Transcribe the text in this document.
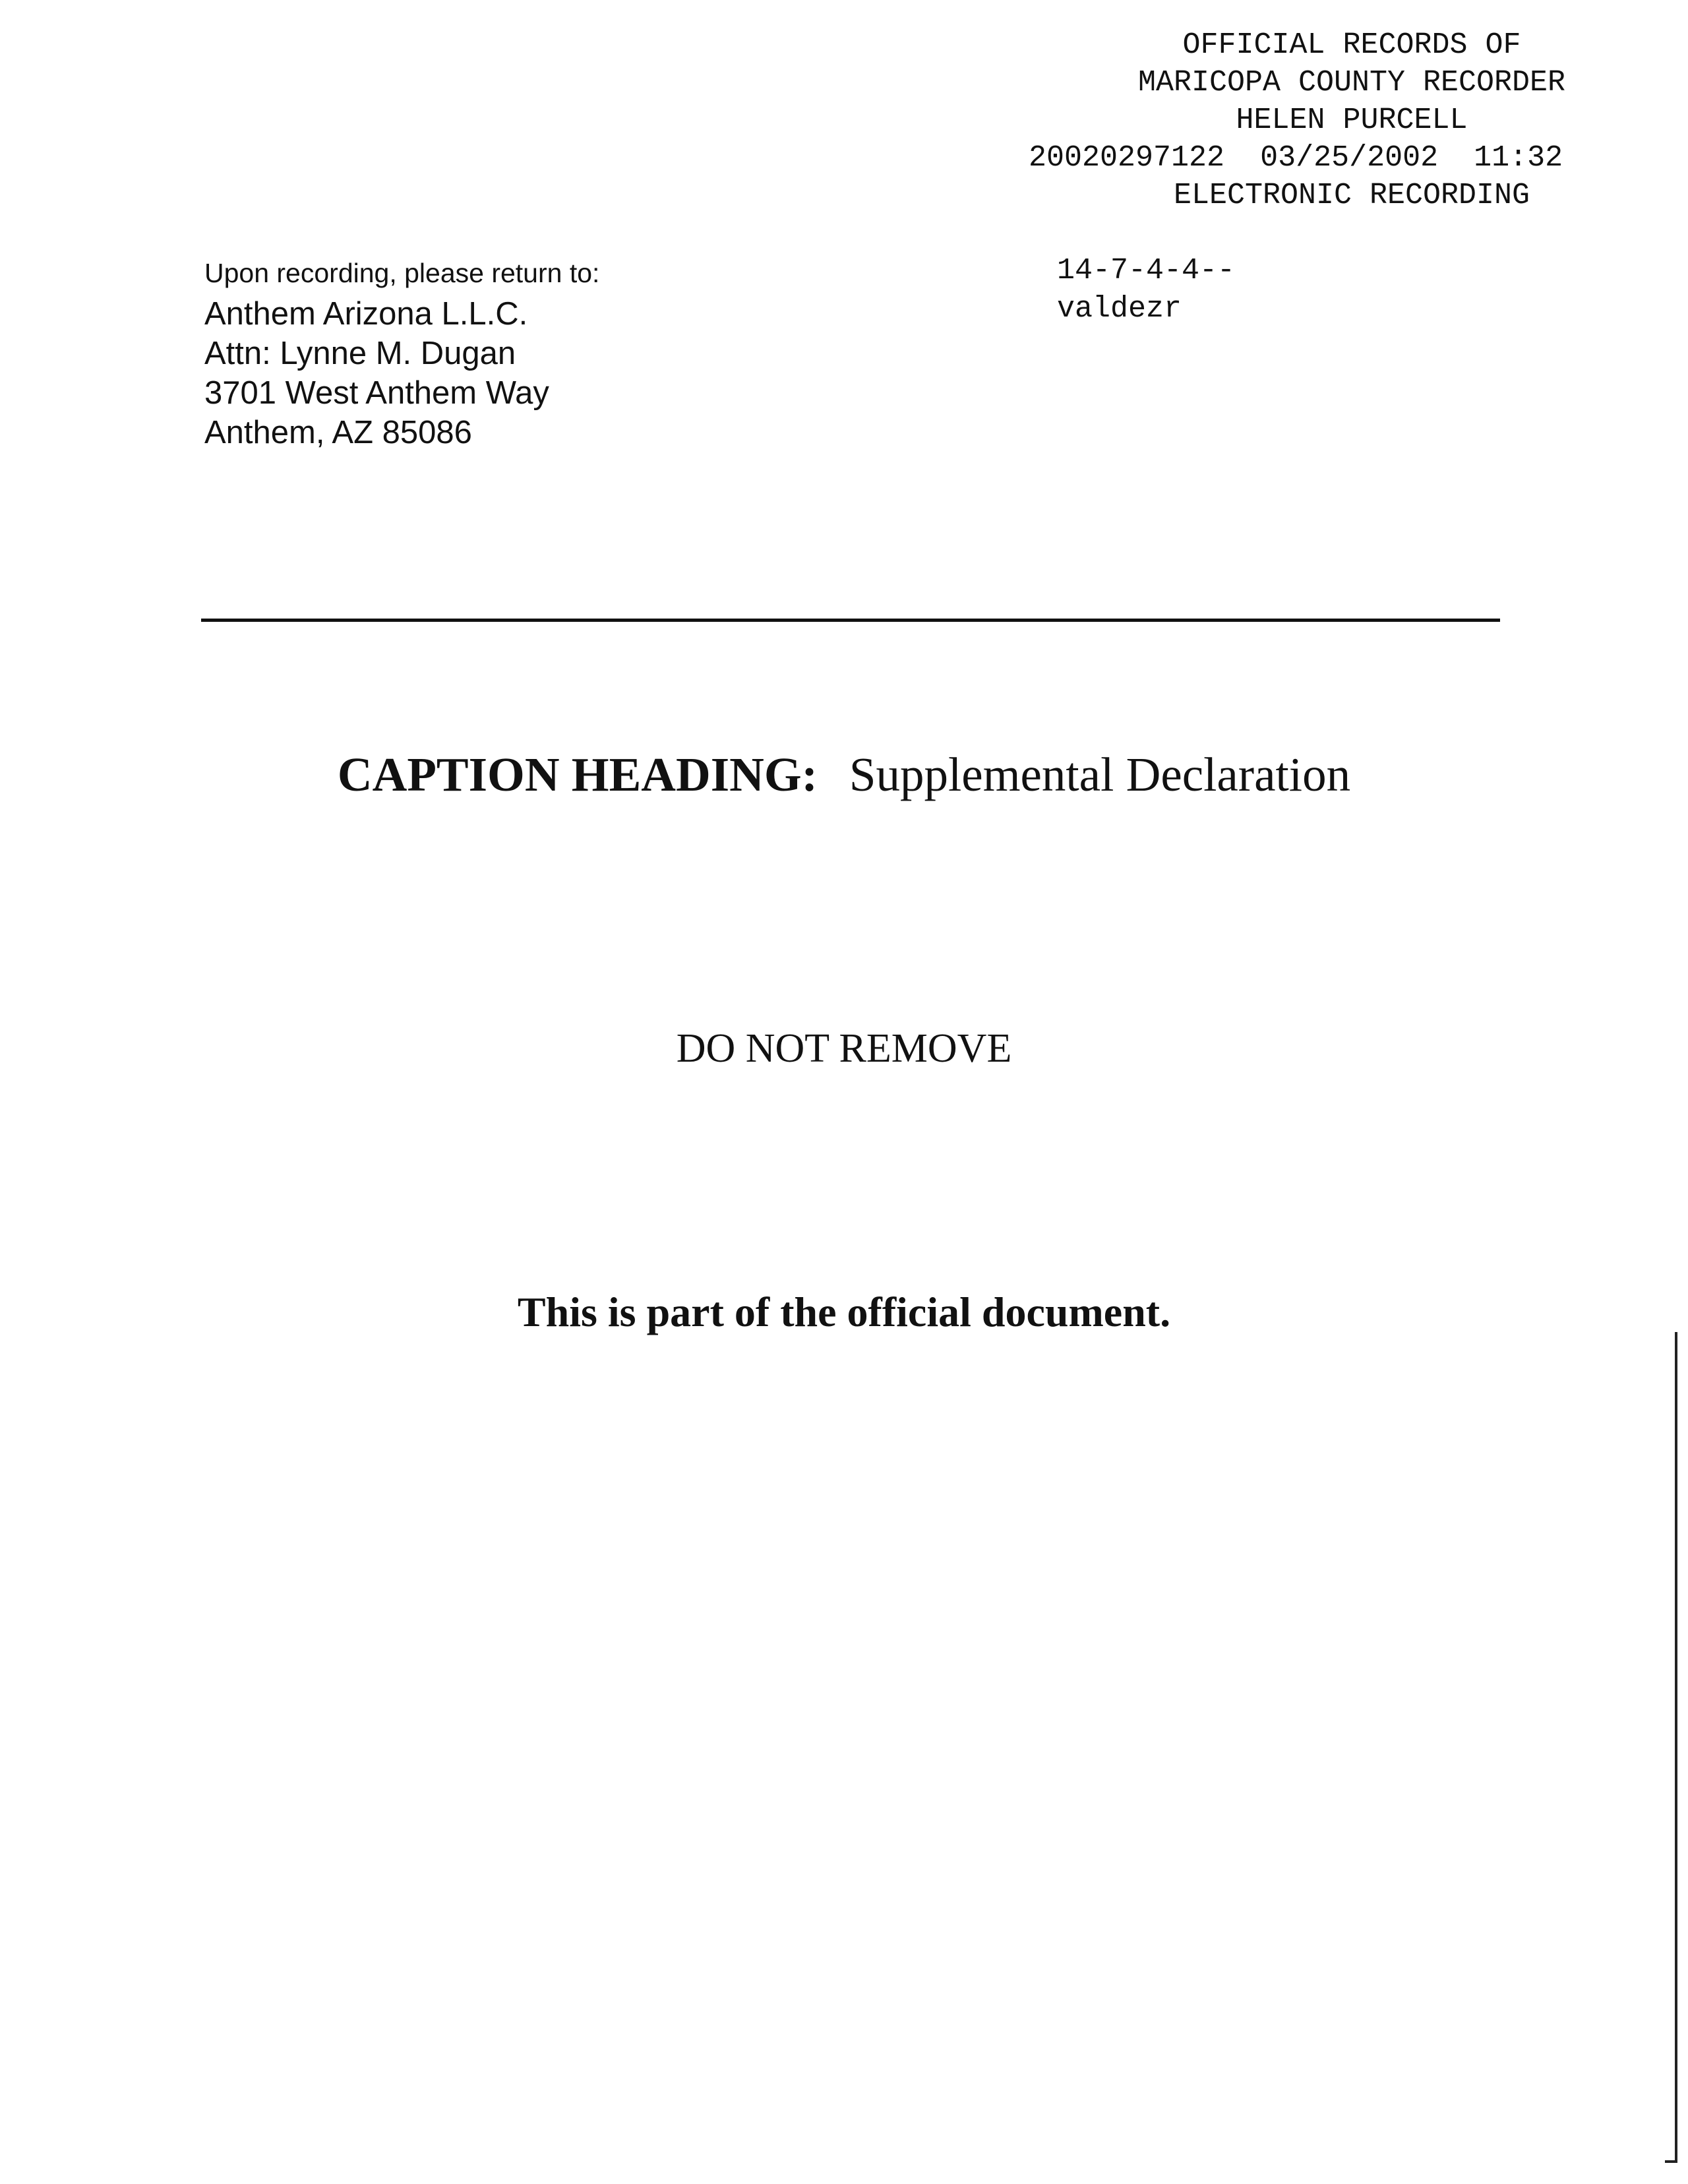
OFFICIAL RECORDS OF
MARICOPA COUNTY RECORDER
HELEN PURCELL
20020297122 03/25/2002 11:32
ELECTRONIC RECORDING
Upon recording, please return to:
Anthem Arizona L.L.C.
Attn: Lynne M. Dugan
3701 West Anthem Way
Anthem, AZ 85086
14-7-4-4--
valdezr
CAPTION HEADING: Supplemental Declaration
DO NOT REMOVE
This is part of the official document.
